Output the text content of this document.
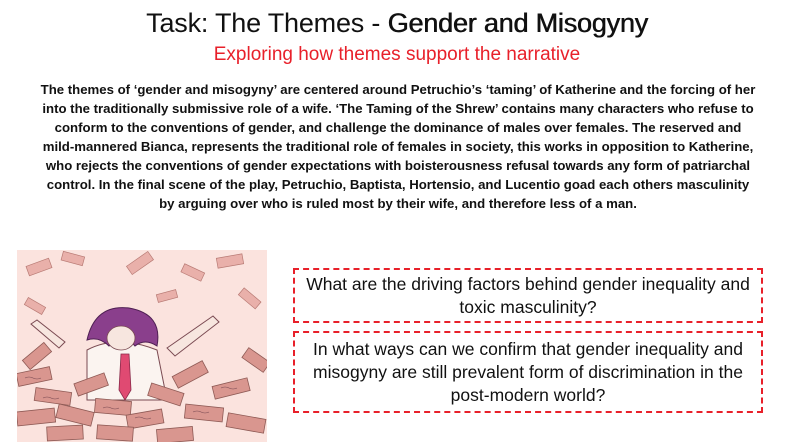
Task: The Themes - Gender and Misogyny
Exploring how themes support the narrative
The themes of ‘gender and misogyny’ are centered around Petruchio’s ‘taming’ of Katherine and the forcing of her into the traditionally submissive role of a wife. ‘The Taming of the Shrew’ contains many characters who refuse to conform to the conventions of gender, and challenge the dominance of males over females. The reserved and mild-mannered Bianca, represents the traditional role of females in society, this works in opposition to Katherine, who rejects the conventions of gender expectations with boisterousness refusal towards any form of patriarchal control. In the final scene of the play, Petruchio, Baptista, Hortensio, and Lucentio goad each others masculinity by arguing over who is ruled most by their wife, and therefore less of a man.
What are the driving factors behind gender inequality and toxic masculinity?
In what ways can we confirm that gender inequality and misogyny are still prevalent form of discrimination in the post-modern world?
